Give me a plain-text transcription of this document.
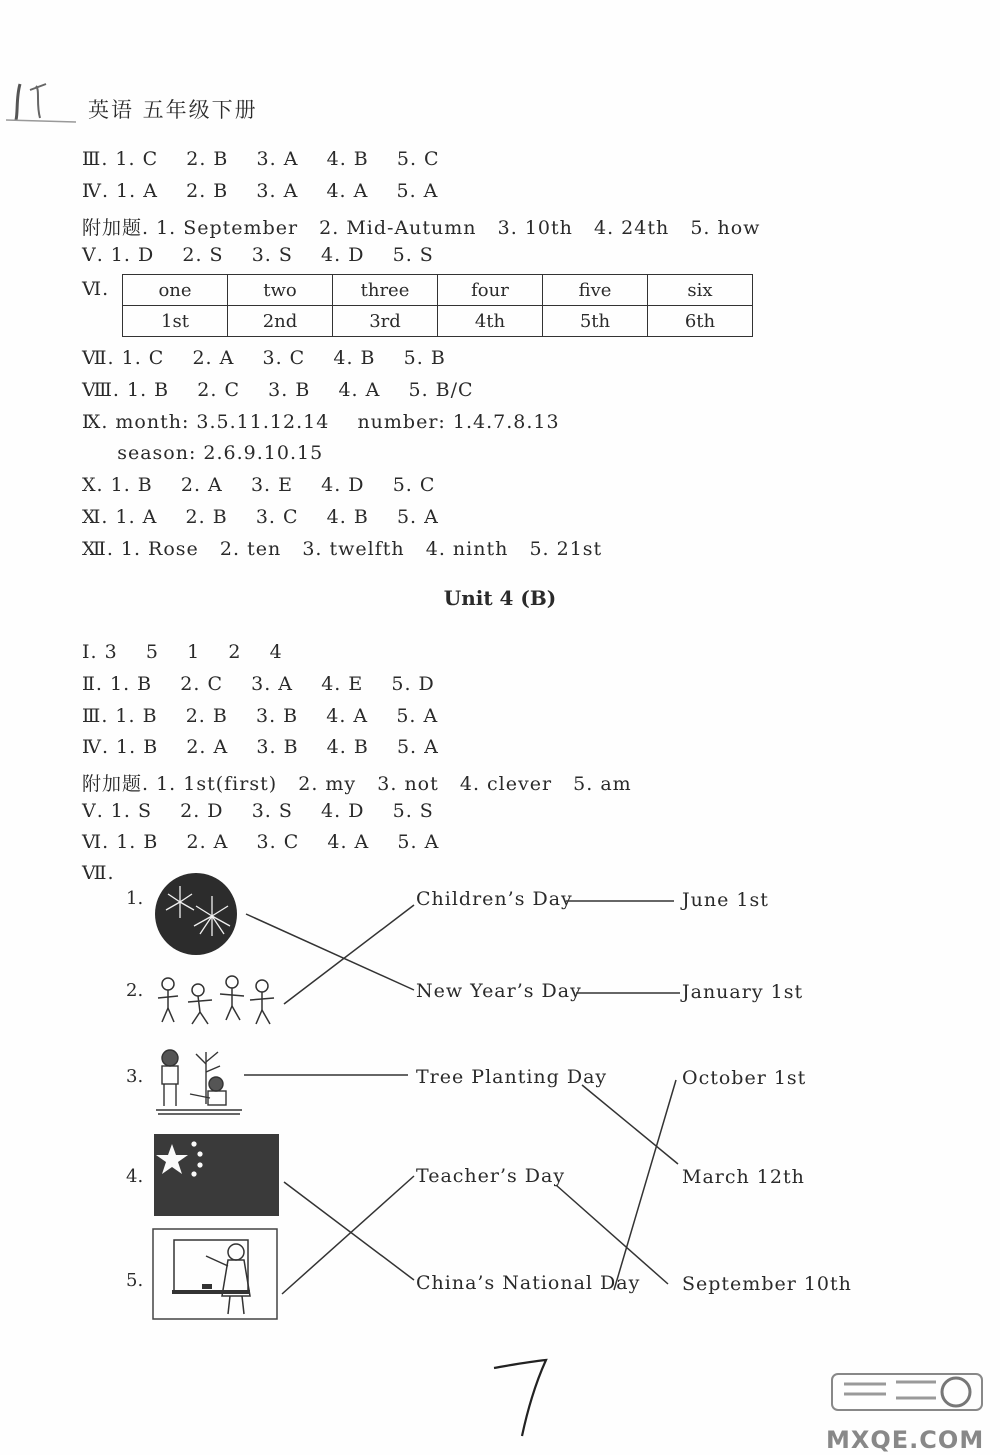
英语 五年级下册
Ⅲ. 1. C    2. B    3. A    4. B    5. C
Ⅳ. 1. A    2. B    3. A    4. A    5. A
附加题. 1. September   2. Mid-Autumn   3. 10th   4. 24th   5. how
Ⅴ. 1. D    2. S    3. S    4. D    5. S
Ⅵ.	one	two	three	four	five	six
1st	2nd	3rd	4th	5th	6th
Ⅶ. 1. C    2. A    3. C    4. B    5. B
Ⅷ. 1. B    2. C    3. B    4. A    5. B/C
Ⅸ. month: 3.5.11.12.14    number: 1.4.7.8.13
season: 2.6.9.10.15
Ⅹ. 1. B    2. A    3. E    4. D    5. C
Ⅺ. 1. A    2. B    3. C    4. B    5. A
Ⅻ. 1. Rose   2. ten   3. twelfth   4. ninth   5. 21st
Unit 4 (B)
Ⅰ. 3    5    1    2    4
Ⅱ. 1. B    2. C    3. A    4. E    5. D
Ⅲ. 1. B    2. B    3. B    4. A    5. A
Ⅳ. 1. B    2. A    3. B    4. B    5. A
附加题. 1. 1st(first)   2. my   3. not   4. clever   5. am
Ⅴ. 1. S    2. D    3. S    4. D    5. S
Ⅵ. 1. B    2. A    3. C    4. A    5. A
Ⅶ.
1.
2.
3.
4.
5.
Children’s Day
New Year’s Day
Tree Planting Day
Teacher’s Day
China’s National Day
June 1st
January 1st
October 1st
March 12th
September 10th
MXQE.COM
